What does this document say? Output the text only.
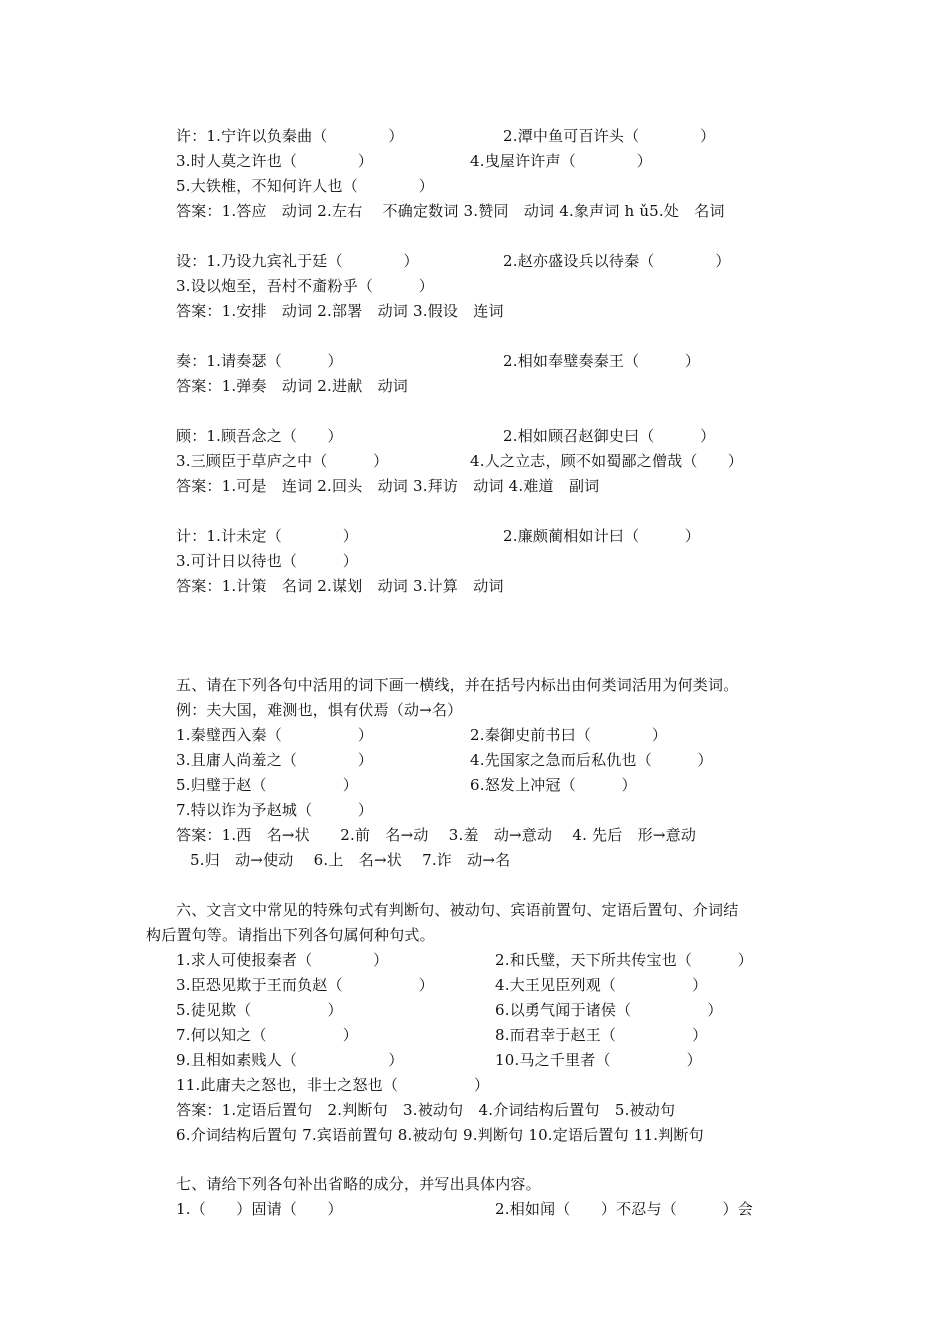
许：1.宁许以负秦曲（　　　　）	2.潭中鱼可百许头（　　　　）
3.时人莫之许也（　　　　）	4.曳屋许许声（　　　　）
5.大铁椎，不知何许人也（　　　　）
答案：1.答应　动词 2.左右　 不确定数词 3.赞同　动词 4.象声词 h ǔ5.处　名词
设：1.乃设九宾礼于廷（　　　　）	2.赵亦盛设兵以待秦（　　　　）
3.设以炮至，吾村不齑粉乎（　　　）
答案：1.安排　动词 2.部署　动词 3.假设　连词
奏：1.请奏瑟（　　　）	2.相如奉璧奏秦王（　　　）
答案：1.弹奏　动词 2.进献　动词
顾：1.顾吾念之（　　）	2.相如顾召赵御史曰（　　　）
3.三顾臣于草庐之中（　　　）	4.人之立志，顾不如蜀鄙之僧哉（　　）
答案：1.可是　连词 2.回头　动词 3.拜访　动词 4.难道　副词
计：1.计未定（　　　　）	2.廉颇蔺相如计曰（　　　）
3.可计日以待也（　　　）
答案：1.计策　名词 2.谋划　动词 3.计算　动词
五、请在下列各句中活用的词下画一横线，并在括号内标出由何类词活用为何类词。
例：夫大国，难测也，惧有伏焉（动→名）
1.秦璧西入秦（　　　　　）	2.秦御史前书曰（　　　　）
3.且庸人尚羞之（　　　　）	4.先国家之急而后私仇也（　　　）
5.归璧于赵（　　　　　）	6.怒发上冲冠（　　　）
7.特以诈为予赵城（　　　）
答案：1.西　名→状　　2.前　名→动　 3.羞　动→意动　 4. 先后　形→意动
5.归　动→使动　 6.上　名→状　 7.诈　动→名
六、文言文中常见的特殊句式有判断句、被动句、宾语前置句、定语后置句、介词结
构后置句等。请指出下列各句属何种句式。
1.求人可使报秦者（　　　　）	2.和氏璧，天下所共传宝也（　　　）
3.臣恐见欺于王而负赵（　　　　　）	4.大王见臣列观（　　　　　）
5.徒见欺（　　　　　）	6.以勇气闻于诸侯（　　　　　）
7.何以知之（　　　　　）	8.而君幸于赵王（　　　　　）
9.且相如素贱人（　　　　　　）	10.马之千里者（　　　　　）
11.此庸夫之怒也，非士之怒也（　　　　　）
答案：1.定语后置句　2.判断句　3.被动句　4.介词结构后置句　5.被动句
6.介词结构后置句 7.宾语前置句 8.被动句 9.判断句 10.定语后置句 11.判断句
七、请给下列各句补出省略的成分，并写出具体内容。
1.（　　）固请（　　）	2.相如闻（　　）不忍与（　　　）会
